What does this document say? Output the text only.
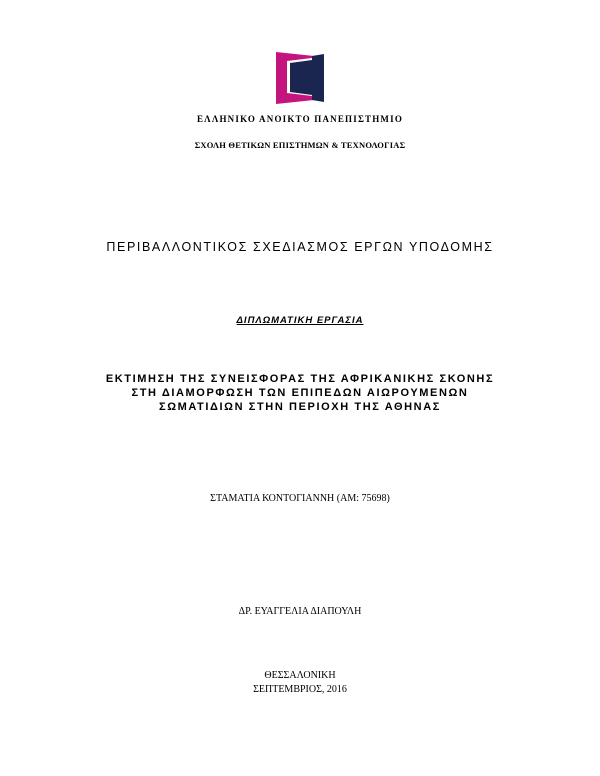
ΕΛΛΗΝΙΚΟ ΑΝΟΙΚΤΟ ΠΑΝΕΠΙΣΤΗΜΙΟ
ΣΧΟΛΗ ΘΕΤΙΚΩΝ ΕΠΙΣΤΗΜΩΝ & ΤΕΧΝΟΛΟΓΙΑΣ
ΠΕΡΙΒΑΛΛΟΝΤΙΚΟΣ ΣΧΕΔΙΑΣΜΟΣ ΕΡΓΩΝ ΥΠΟΔΟΜΗΣ
ΔΙΠΛΩΜΑΤΙΚΗ ΕΡΓΑΣΙΑ
ΕΚΤΙΜΗΣΗ ΤΗΣ ΣΥΝΕΙΣΦΟΡΑΣ ΤΗΣ ΑΦΡΙΚΑΝΙΚΗΣ ΣΚΟΝΗΣ
ΣΤΗ ΔΙΑΜΟΡΦΩΣΗ ΤΩΝ ΕΠΙΠΕΔΩΝ ΑΙΩΡΟΥΜΕΝΩΝ
ΣΩΜΑΤΙΔΙΩΝ ΣΤΗΝ ΠΕΡΙΟΧΗ ΤΗΣ ΑΘΗΝΑΣ
ΣΤΑΜΑΤΙΑ ΚΟΝΤΟΓΙΑΝΝΗ (ΑΜ: 75698)
ΔΡ. ΕΥΑΓΓΕΛΙΑ ΔΙΑΠΟΥΛΗ
ΘΕΣΣΑΛΟΝΙΚΗ
ΣΕΠΤΕΜΒΡΙΟΣ, 2016
